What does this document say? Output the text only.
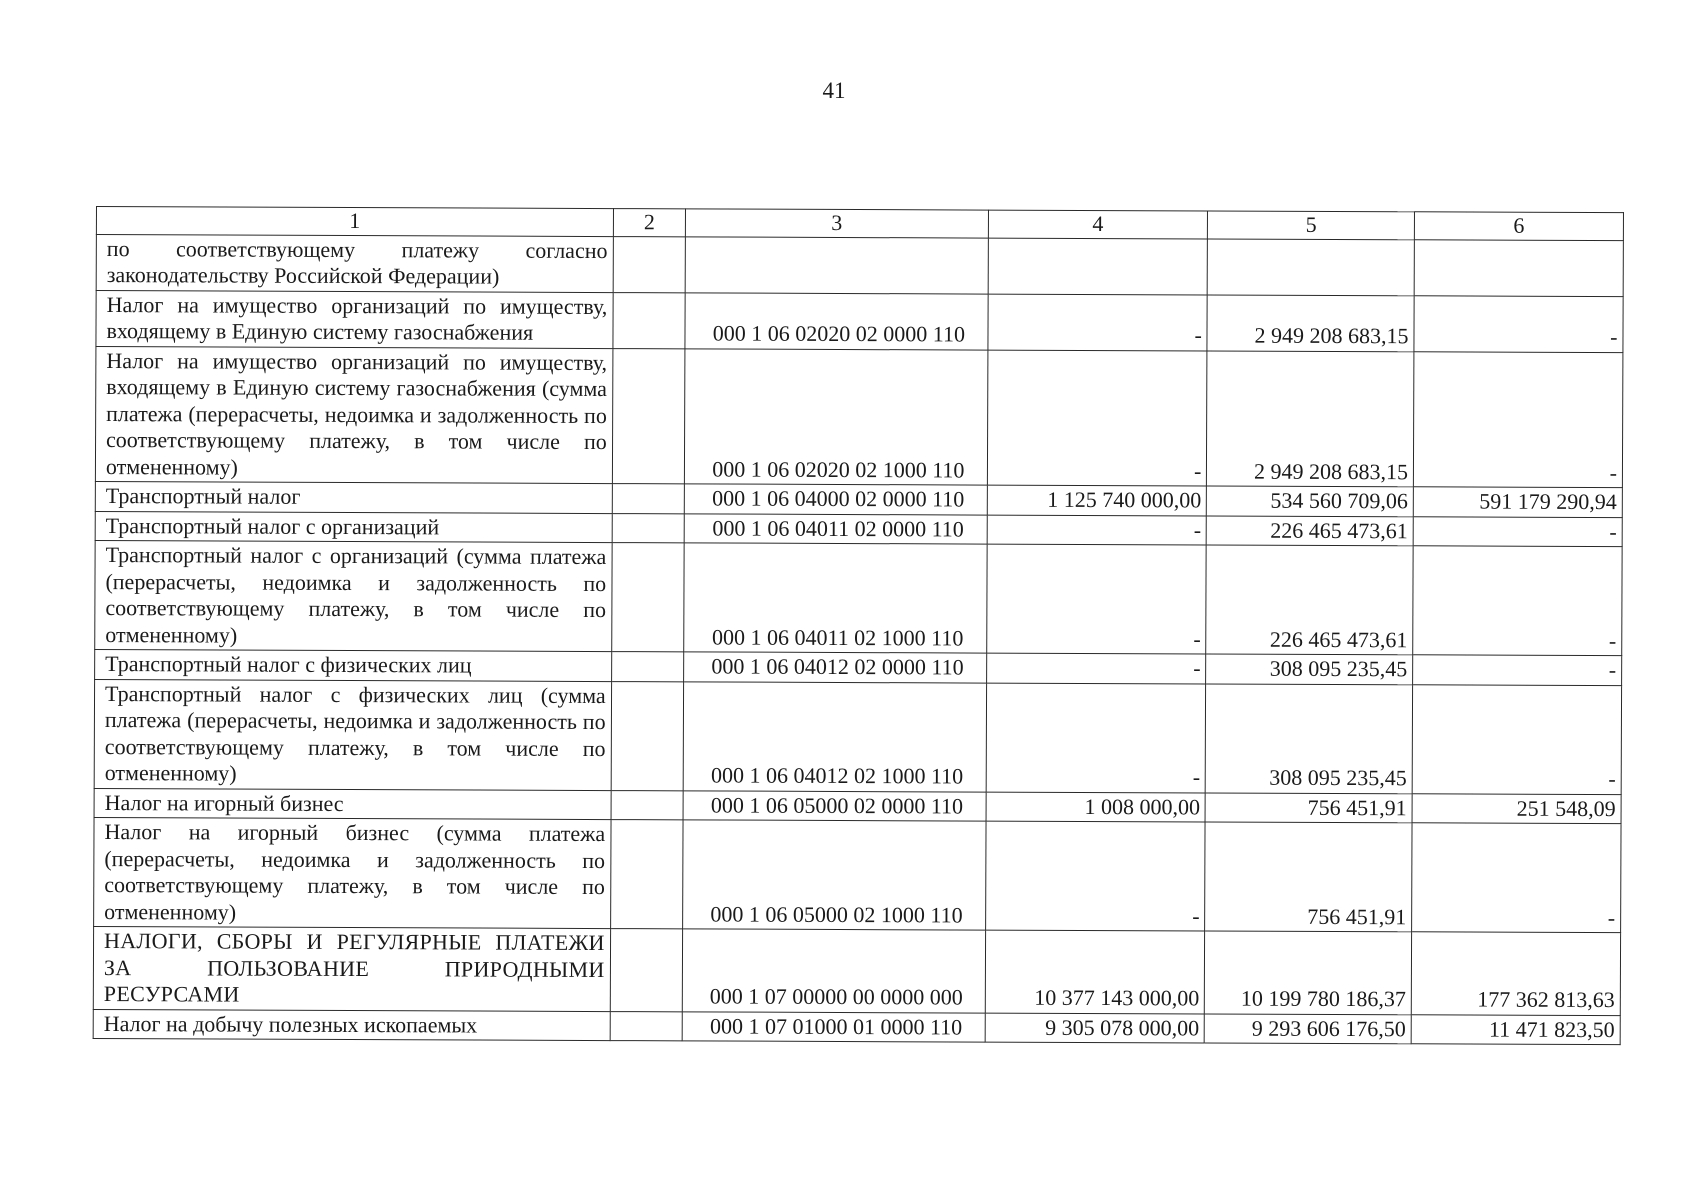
41
1	2	3	4	5	6
по соответствующему платежу согласно законодательству Российской Федерации)					
Налог на имущество организаций по имуществу, входящему в Единую систему газоснабжения		000 1 06 02020 02 0000 110	-	2 949 208 683,15	-
Налог на имущество организаций по имуществу, входящему в Единую систему газоснабжения (сумма платежа (перерасчеты, недоимка и задолженность по соответствующему платежу, в том числе по отмененному)		000 1 06 02020 02 1000 110	-	2 949 208 683,15	-
Транспортный налог		000 1 06 04000 02 0000 110	1 125 740 000,00	534 560 709,06	591 179 290,94
Транспортный налог с организаций		000 1 06 04011 02 0000 110	-	226 465 473,61	-
Транспортный налог с организаций (сумма платежа (перерасчеты, недоимка и задолженность по соответствующему платежу, в том числе по отмененному)		000 1 06 04011 02 1000 110	-	226 465 473,61	-
Транспортный налог с физических лиц		000 1 06 04012 02 0000 110	-	308 095 235,45	-
Транспортный налог с физических лиц (сумма платежа (перерасчеты, недоимка и задолженность по соответствующему платежу, в том числе по отмененному)		000 1 06 04012 02 1000 110	-	308 095 235,45	-
Налог на игорный бизнес		000 1 06 05000 02 0000 110	1 008 000,00	756 451,91	251 548,09
Налог на игорный бизнес (сумма платежа (перерасчеты, недоимка и задолженность по соответствующему платежу, в том числе по отмененному)		000 1 06 05000 02 1000 110	-	756 451,91	-
НАЛОГИ, СБОРЫ И РЕГУЛЯРНЫЕ ПЛАТЕЖИ ЗА ПОЛЬЗОВАНИЕ ПРИРОДНЫМИ РЕСУРСАМИ		000 1 07 00000 00 0000 000	10 377 143 000,00	10 199 780 186,37	177 362 813,63
Налог на добычу полезных ископаемых		000 1 07 01000 01 0000 110	9 305 078 000,00	9 293 606 176,50	11 471 823,50
